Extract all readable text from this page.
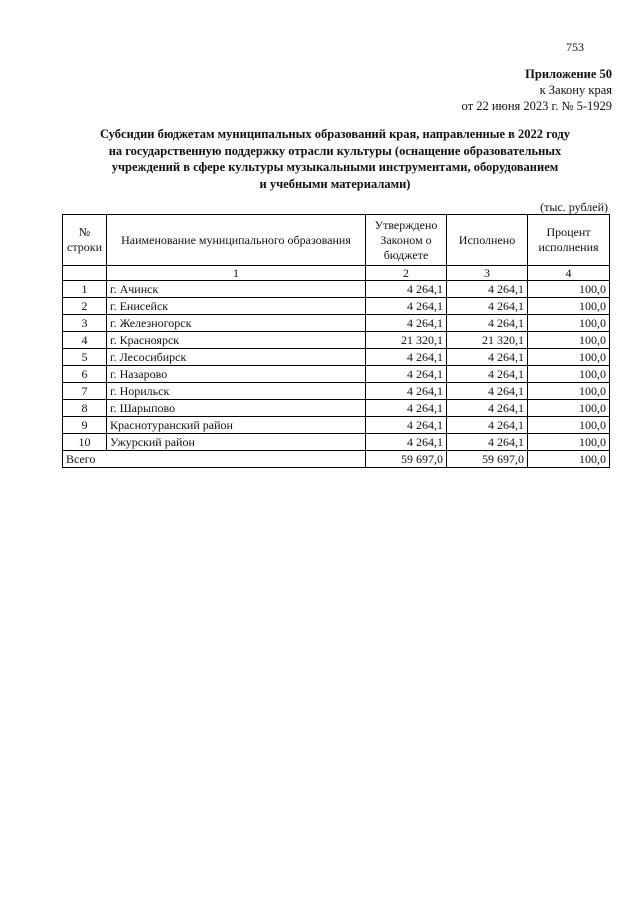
753
Приложение 50
к Закону края
от 22 июня 2023 г. № 5-1929
Субсидии бюджетам муниципальных образований края, направленные в 2022 году
на государственную поддержку отрасли культуры (оснащение образовательных
учреждений в сфере культуры музыкальными инструментами, оборудованием
и учебными материалами)
(тыс. рублей)
№ строки	Наименование муниципального образования	Утверждено Законом о бюджете	Исполнено	Процент исполнения
	1	2	3	4
1	г. Ачинск	4 264,1	4 264,1	100,0
2	г. Енисейск	4 264,1	4 264,1	100,0
3	г. Железногорск	4 264,1	4 264,1	100,0
4	г. Красноярск	21 320,1	21 320,1	100,0
5	г. Лесосибирск	4 264,1	4 264,1	100,0
6	г. Назарово	4 264,1	4 264,1	100,0
7	г. Норильск	4 264,1	4 264,1	100,0
8	г. Шарыпово	4 264,1	4 264,1	100,0
9	Краснотуранский район	4 264,1	4 264,1	100,0
10	Ужурский район	4 264,1	4 264,1	100,0
Всего		59 697,0	59 697,0	100,0
